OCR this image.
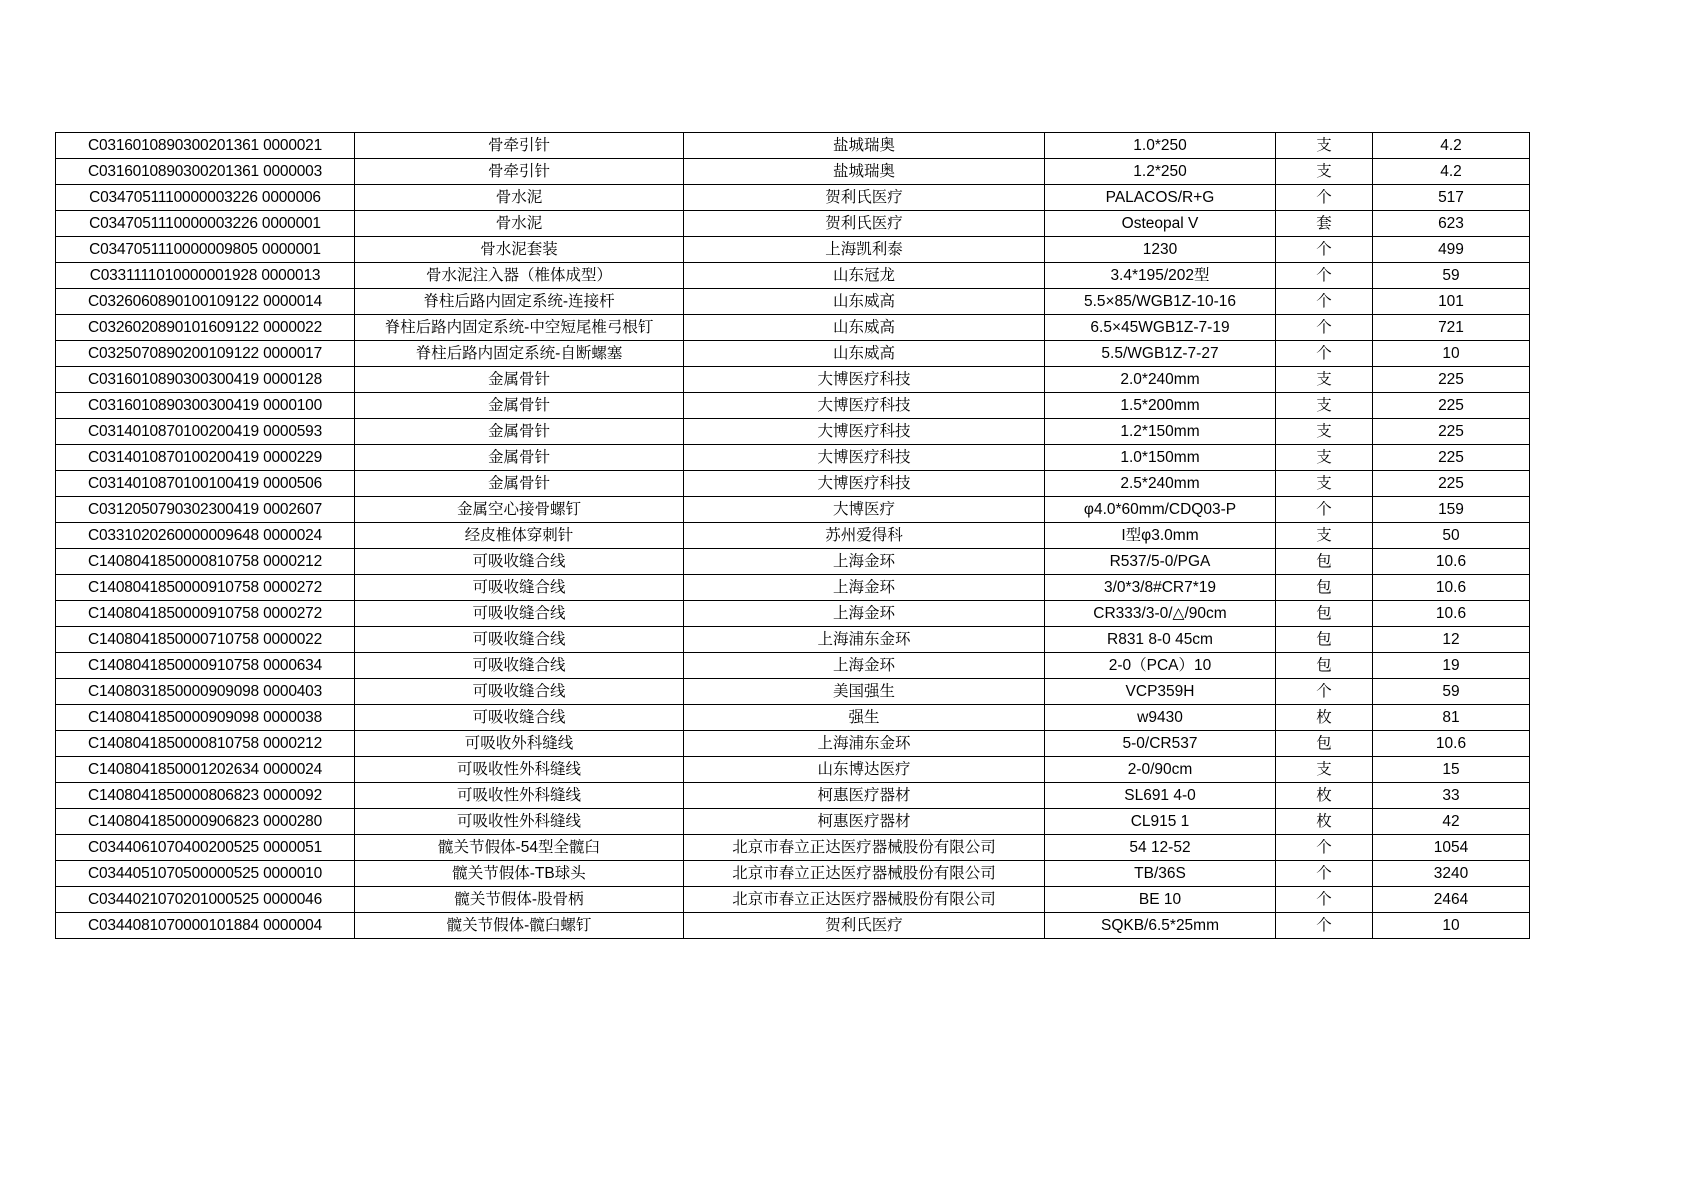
C0316010890300201361 0000021	骨牵引针	盐城瑞奥	1.0*250	支	4.2
C0316010890300201361 0000003	骨牵引针	盐城瑞奥	1.2*250	支	4.2
C0347051110000003226 0000006	骨水泥	贺利氏医疗	PALACOS/R+G	个	517
C0347051110000003226 0000001	骨水泥	贺利氏医疗	Osteopal V	套	623
C0347051110000009805 0000001	骨水泥套装	上海凯利泰	1230	个	499
C0331111010000001928 0000013	骨水泥注入器（椎体成型）	山东冠龙	3.4*195/202型	个	59
C0326060890100109122 0000014	脊柱后路内固定系统-连接杆	山东威高	5.5×85/WGB1Z-10-16	个	101
C0326020890101609122 0000022	脊柱后路内固定系统-中空短尾椎弓根钉	山东威高	6.5×45WGB1Z-7-19	个	721
C0325070890200109122 0000017	脊柱后路内固定系统-自断螺塞	山东威高	5.5/WGB1Z-7-27	个	10
C0316010890300300419 0000128	金属骨针	大博医疗科技	2.0*240mm	支	225
C0316010890300300419 0000100	金属骨针	大博医疗科技	1.5*200mm	支	225
C0314010870100200419 0000593	金属骨针	大博医疗科技	1.2*150mm	支	225
C0314010870100200419 0000229	金属骨针	大博医疗科技	1.0*150mm	支	225
C0314010870100100419 0000506	金属骨针	大博医疗科技	2.5*240mm	支	225
C0312050790302300419 0002607	金属空心接骨螺钉	大博医疗	φ4.0*60mm/CDQ03-P	个	159
C0331020260000009648 0000024	经皮椎体穿刺针	苏州爱得科	I型φ3.0mm	支	50
C1408041850000810758 0000212	可吸收缝合线	上海金环	R537/5-0/PGA	包	10.6
C1408041850000910758 0000272	可吸收缝合线	上海金环	3/0*3/8#CR7*19	包	10.6
C1408041850000910758 0000272	可吸收缝合线	上海金环	CR333/3-0/△/90cm	包	10.6
C1408041850000710758 0000022	可吸收缝合线	上海浦东金环	R831 8-0 45cm	包	12
C1408041850000910758 0000634	可吸收缝合线	上海金环	2-0（PCA）10	包	19
C1408031850000909098 0000403	可吸收缝合线	美国强生	VCP359H	个	59
C1408041850000909098 0000038	可吸收缝合线	强生	w9430	枚	81
C1408041850000810758 0000212	可吸收外科缝线	上海浦东金环	5-0/CR537	包	10.6
C1408041850001202634 0000024	可吸收性外科缝线	山东博达医疗	2-0/90cm	支	15
C1408041850000806823 0000092	可吸收性外科缝线	柯惠医疗器材	SL691 4-0	枚	33
C1408041850000906823 0000280	可吸收性外科缝线	柯惠医疗器材	CL915 1	枚	42
C0344061070400200525 0000051	髋关节假体-54型全髋臼	北京市春立正达医疗器械股份有限公司	54 12-52	个	1054
C0344051070500000525 0000010	髋关节假体-TB球头	北京市春立正达医疗器械股份有限公司	TB/36S	个	3240
C0344021070201000525 0000046	髋关节假体-股骨柄	北京市春立正达医疗器械股份有限公司	BE 10	个	2464
C0344081070000101884 0000004	髋关节假体-髋臼螺钉	贺利氏医疗	SQKB/6.5*25mm	个	10
